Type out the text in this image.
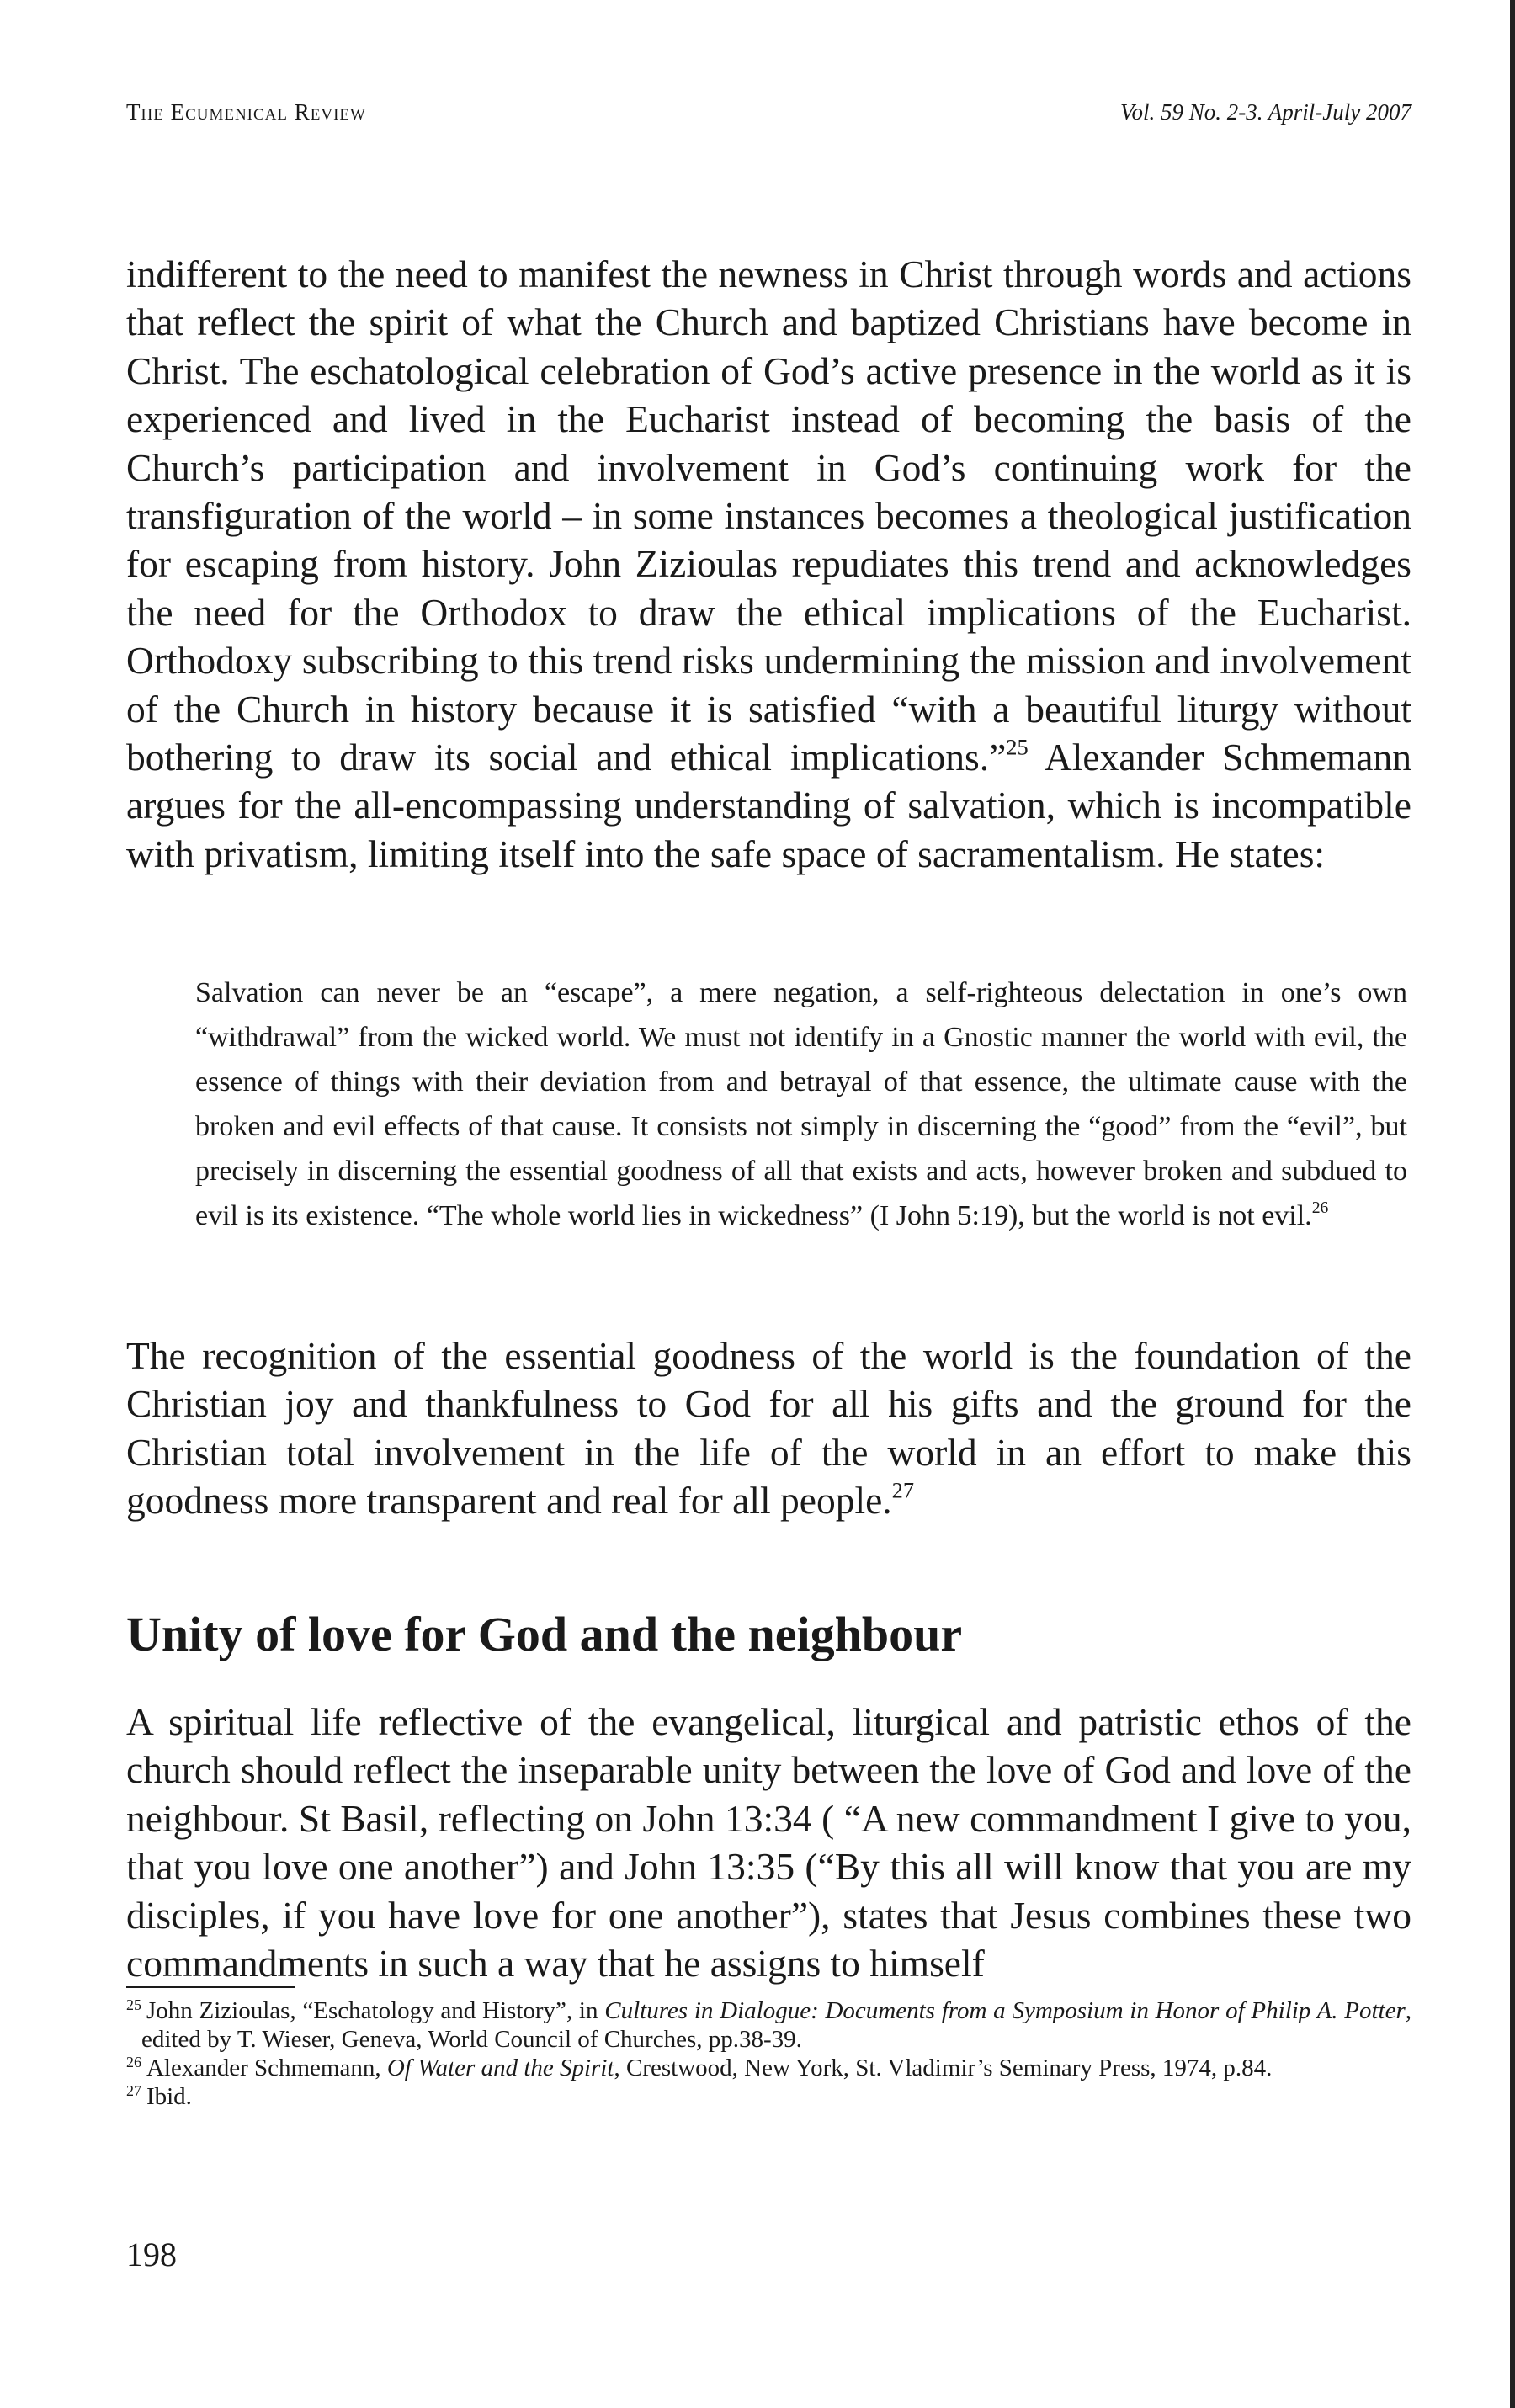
The Ecumenical Review	Vol. 59 No. 2-3. April-July 2007

indifferent to the need to manifest the newness in Christ through words and actions that reflect the spirit of what the Church and baptized Christians have become in Christ. The eschatological celebration of God’s active presence in the world as it is experienced and lived in the Eucharist instead of becoming the basis of the Church’s participation and involvement in God’s continuing work for the transfiguration of the world – in some instances becomes a theological justification for escaping from history. John Zizioulas repudiates this trend and acknowledges the need for the Orthodox to draw the ethical implications of the Eucharist. Orthodoxy subscribing to this trend risks undermining the mission and involvement of the Church in history because it is satisfied “with a beautiful liturgy without bothering to draw its social and ethical implications.”$^{25}$ Alexander Schmemann argues for the all-encompassing understanding of salvation, which is incompatible with privatism, limiting itself into the safe space of sacramentalism. He states:

Salvation can never be an “escape”, a mere negation, a self-righteous delectation in one’s own “withdrawal” from the wicked world. We must not identify in a Gnostic manner the world with evil, the essence of things with their deviation from and betrayal of that essence, the ultimate cause with the broken and evil effects of that cause. It consists not simply in discerning the “good” from the “evil”, but precisely in discerning the essential goodness of all that exists and acts, however broken and subdued to evil is its existence. “The whole world lies in wickedness” (I John 5:19), but the world is not evil.$^{26}$

The recognition of the essential goodness of the world is the foundation of the Christian joy and thankfulness to God for all his gifts and the ground for the Christian total involvement in the life of the world in an effort to make this goodness more transparent and real for all people.$^{27}$

Unity of love for God and the neighbour

A spiritual life reflective of the evangelical, liturgical and patristic ethos of the church should reflect the inseparable unity between the love of God and love of the neighbour. St Basil, reflecting on John 13:34 ( “A new commandment I give to you, that you love one another”) and John 13:35 (“By this all will know that you are my disciples, if you have love for one another”), states that Jesus combines these two commandments in such a way that he assigns to himself

$^{25}$ John Zizioulas, “Eschatology and History”, in Cultures in Dialogue: Documents from a Symposium in Honor of Philip A. Potter, edited by T. Wieser, Geneva, World Council of Churches, pp.38-39.

$^{26}$ Alexander Schmemann, Of Water and the Spirit, Crestwood, New York, St. Vladimir’s Seminary Press, 1974, p.84.

$^{27}$ Ibid.

198
